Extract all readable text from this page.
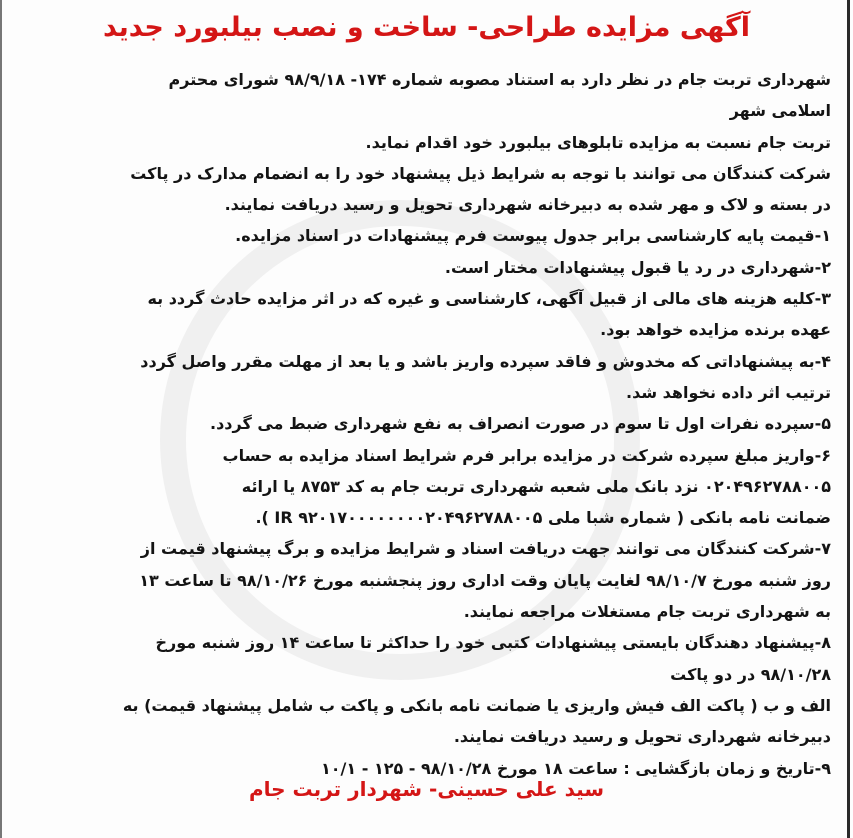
آگهی مزایده طراحی- ساخت و نصب بیلبورد جدید
شهرداری تربت جام در نظر دارد به استناد مصوبه شماره ۱۷۴- ۹۸/۹/۱۸ شورای محترم
اسلامی شهر
تربت جام نسبت به مزایده تابلوهای بیلبورد خود اقدام نماید.
شرکت کنندگان می توانند با توجه به شرایط ذیل پیشنهاد خود را به انضمام مدارک در پاکت
در بسته و لاک و مهر شده به دبیرخانه شهرداری تحویل و رسید دریافت نمایند.
۱-قیمت پایه کارشناسی برابر جدول پیوست فرم پیشنهادات در اسناد مزایده.
۲-شهرداری در رد یا قبول پیشنهادات مختار است.
۳-کلیه هزینه های مالی از قبیل آگهی، کارشناسی و غیره که در اثر مزایده حادث گردد به
عهده برنده مزایده خواهد بود.
۴-به پیشنهاداتی که مخدوش و فاقد سپرده واریز باشد و یا بعد از مهلت مقرر واصل گردد
ترتیب اثر داده نخواهد شد.
۵-سپرده نفرات اول تا سوم در صورت انصراف به نفع شهرداری ضبط می گردد.
۶-واریز مبلغ سپرده شرکت در مزایده برابر فرم شرایط اسناد مزایده به حساب
۰۲۰۴۹۶۲۷۸۸۰۰۵ نزد بانک ملی شعبه شهرداری تربت جام به کد ۸۷۵۳ یا ارائه
ضمانت نامه بانکی ( شماره شبا ملی IR ۹۲۰۱۷۰۰۰۰۰۰۰۰۲۰۴۹۶۲۷۸۸۰۰۵ ).
۷-شرکت کنندگان می توانند جهت دریافت اسناد و شرایط مزایده و برگ پیشنهاد قیمت از
روز شنبه مورخ ۹۸/۱۰/۷ لغایت پایان وقت اداری روز پنجشنبه مورخ ۹۸/۱۰/۲۶ تا ساعت ۱۳
به شهرداری تربت جام مستغلات مراجعه نمایند.
۸-پیشنهاد دهندگان بایستی پیشنهادات کتبی خود را حداکثر تا ساعت ۱۴ روز شنبه مورخ
۹۸/۱۰/۲۸ در دو پاکت
الف و ب ( پاکت الف فیش واریزی یا ضمانت نامه بانکی و پاکت ب شامل پیشنهاد قیمت) به
دبیرخانه شهرداری تحویل و رسید دریافت نمایند.
۹-تاریخ و زمان بازگشایی : ساعت ۱۸ مورخ ۹۸/۱۰/۲۸ - ۱۲۵ - ۱۰/۱
سید علی حسینی- شهردار تربت جام
